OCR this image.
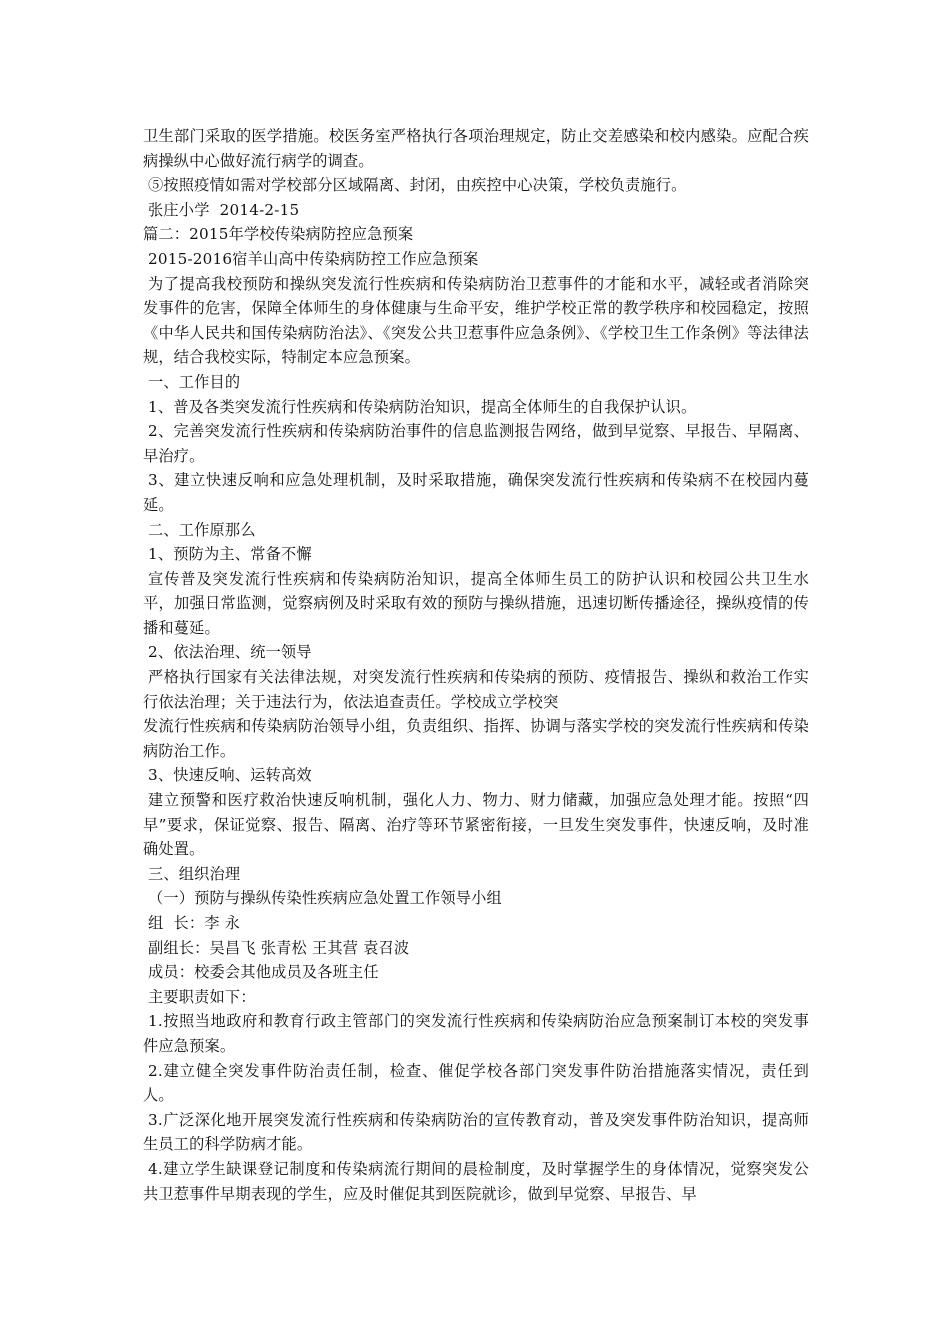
卫生部门采取的医学措施。校医务室严格执行各项治理规定，防止交差感染和校内感染。应配合疾病操纵中心做好流行病学的调查。

⑤按照疫情如需对学校部分区域隔离、封闭，由疾控中心决策，学校负责施行。

张庄小学  2014-2-15

篇二：2015年学校传染病防控应急预案

2015-2016宿羊山高中传染病防控工作应急预案

为了提高我校预防和操纵突发流行性疾病和传染病防治卫惹事件的才能和水平，减轻或者消除突发事件的危害，保障全体师生的身体健康与生命平安，维护学校正常的教学秩序和校园稳定，按照《中华人民共和国传染病防治法》、《突发公共卫惹事件应急条例》、《学校卫生工作条例》等法律法规，结合我校实际，特制定本应急预案。

一、工作目的

1、普及各类突发流行性疾病和传染病防治知识，提高全体师生的自我保护认识。

2、完善突发流行性疾病和传染病防治事件的信息监测报告网络，做到早觉察、早报告、早隔离、早治疗。

3、建立快速反响和应急处理机制，及时采取措施，确保突发流行性疾病和传染病不在校园内蔓延。

二、工作原那么

1、预防为主、常备不懈

宣传普及突发流行性疾病和传染病防治知识，提高全体师生员工的防护认识和校园公共卫生水平，加强日常监测，觉察病例及时采取有效的预防与操纵措施，迅速切断传播途径，操纵疫情的传播和蔓延。

2、依法治理、统一领导

严格执行国家有关法律法规，对突发流行性疾病和传染病的预防、疫情报告、操纵和救治工作实行依法治理；关于违法行为，依法追查责任。学校成立学校突

发流行性疾病和传染病防治领导小组，负责组织、指挥、协调与落实学校的突发流行性疾病和传染病防治工作。

3、快速反响、运转高效

建立预警和医疗救治快速反响机制，强化人力、物力、财力储藏，加强应急处理才能。按照“四早”要求，保证觉察、报告、隔离、治疗等环节紧密衔接，一旦发生突发事件，快速反响，及时准确处置。

三、组织治理

（一）预防与操纵传染性疾病应急处置工作领导小组

组  长：李 永

副组长：吴昌飞 张青松 王其营 袁召波

成员：校委会其他成员及各班主任

主要职责如下：

1.按照当地政府和教育行政主管部门的突发流行性疾病和传染病防治应急预案制订本校的突发事件应急预案。

2.建立健全突发事件防治责任制，检查、催促学校各部门突发事件防治措施落实情况，责任到人。

3.广泛深化地开展突发流行性疾病和传染病防治的宣传教育动，普及突发事件防治知识，提高师生员工的科学防病才能。

4.建立学生缺课登记制度和传染病流行期间的晨检制度，及时掌握学生的身体情况，觉察突发公共卫惹事件早期表现的学生，应及时催促其到医院就诊，做到早觉察、早报告、早
